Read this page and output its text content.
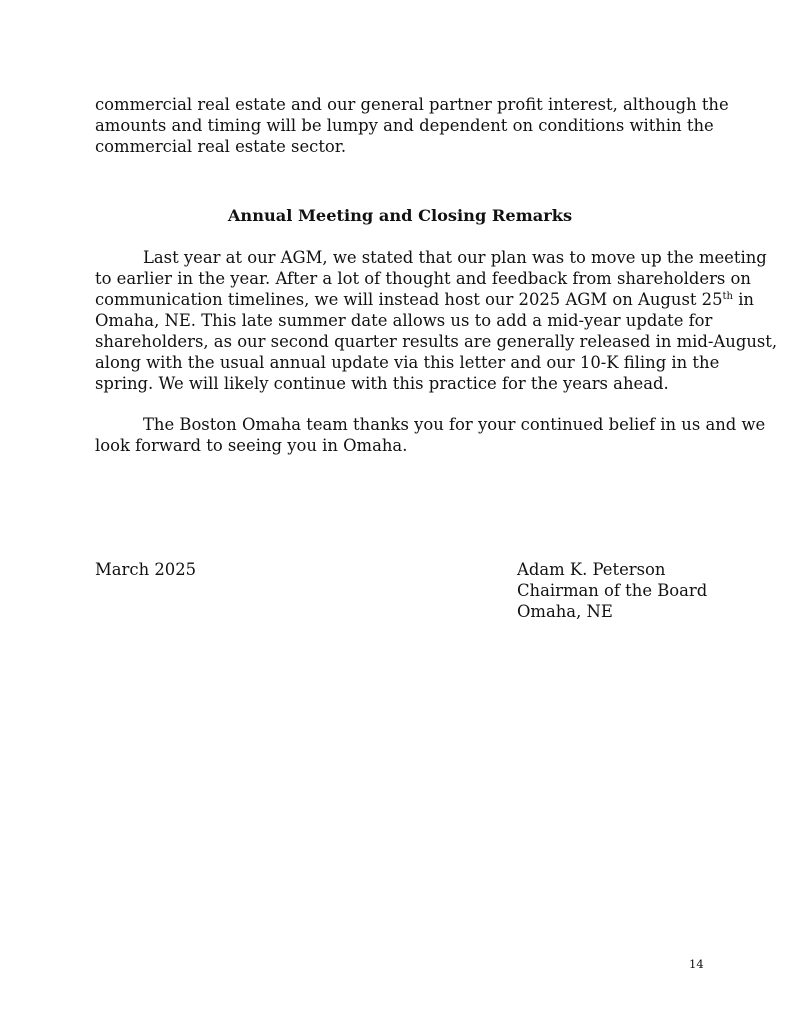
commercial real estate and our general partner profit interest, although the
amounts and timing will be lumpy and dependent on conditions within the
commercial real estate sector.
Annual Meeting and Closing Remarks
Last year at our AGM, we stated that our plan was to move up the meeting
to earlier in the year. After a lot of thought and feedback from shareholders on
communication timelines, we will instead host our 2025 AGM on August 25th in
Omaha, NE. This late summer date allows us to add a mid-year update for
shareholders, as our second quarter results are generally released in mid-August,
along with the usual annual update via this letter and our 10-K filing in the
spring. We will likely continue with this practice for the years ahead.
The Boston Omaha team thanks you for your continued belief in us and we
look forward to seeing you in Omaha.
March 2025	Adam K. Peterson
Chairman of the Board
Omaha, NE
14
